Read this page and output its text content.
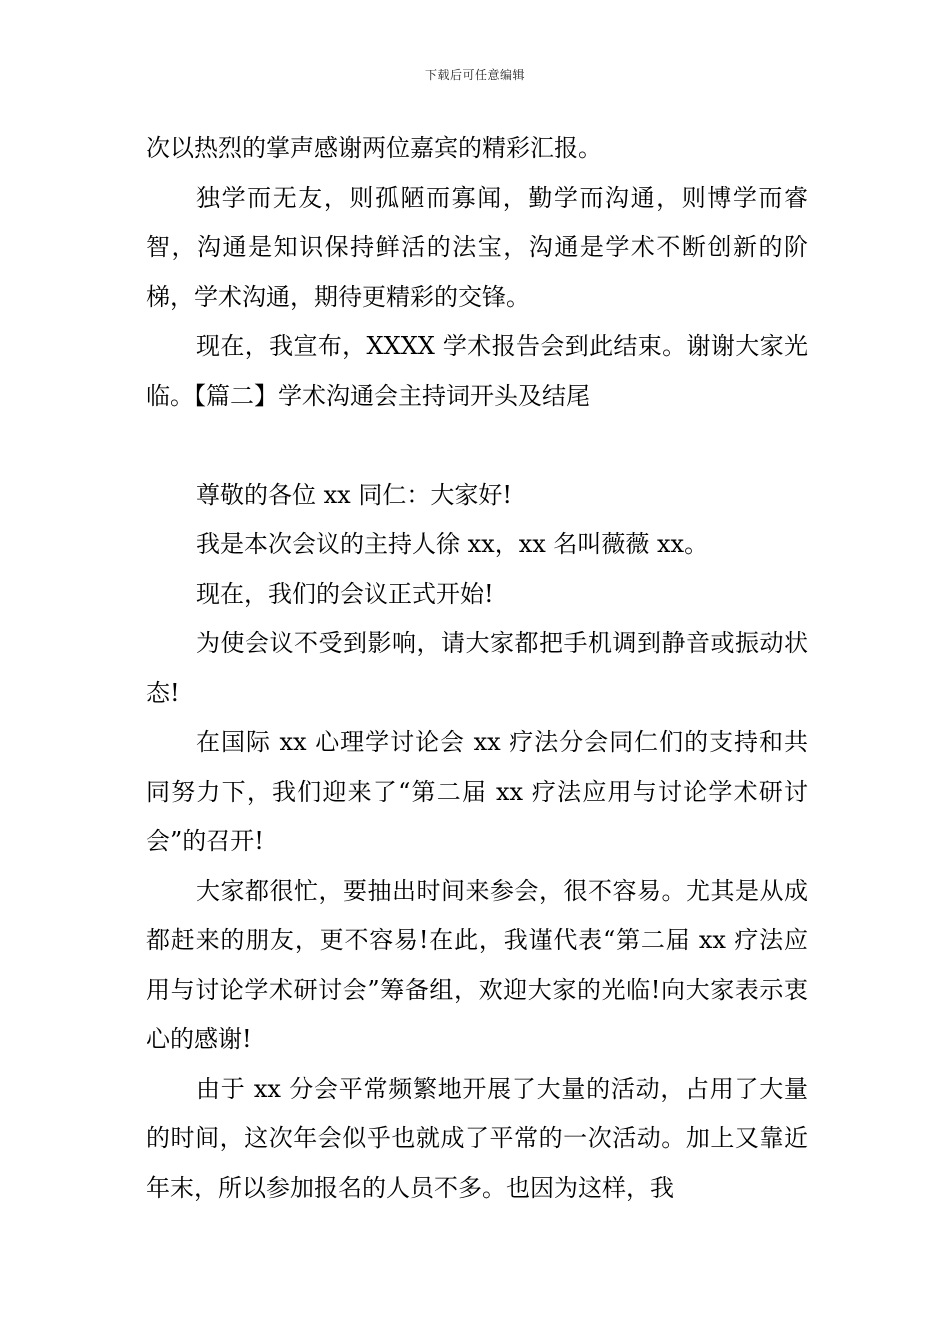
下载后可任意编辑

次以热烈的掌声感谢两位嘉宾的精彩汇报。

独学而无友，则孤陋而寡闻，勤学而沟通，则博学而睿智，沟通是知识保持鲜活的法宝，沟通是学术不断创新的阶梯，学术沟通，期待更精彩的交锋。

现在，我宣布，XXXX 学术报告会到此结束。谢谢大家光临。【篇二】学术沟通会主持词开头及结尾

尊敬的各位 xx 同仁：大家好!

我是本次会议的主持人徐 xx，xx 名叫薇薇 xx。

现在，我们的会议正式开始!

为使会议不受到影响，请大家都把手机调到静音或振动状态!

在国际 xx 心理学讨论会 xx 疗法分会同仁们的支持和共同努力下，我们迎来了“第二届 xx 疗法应用与讨论学术研讨会”的召开!

大家都很忙，要抽出时间来参会，很不容易。尤其是从成都赶来的朋友，更不容易!在此，我谨代表“第二届 xx 疗法应用与讨论学术研讨会”筹备组，欢迎大家的光临!向大家表示衷心的感谢!

由于 xx 分会平常频繁地开展了大量的活动，占用了大量的时间，这次年会似乎也就成了平常的一次活动。加上又靠近年末，所以参加报名的人员不多。也因为这样，我
